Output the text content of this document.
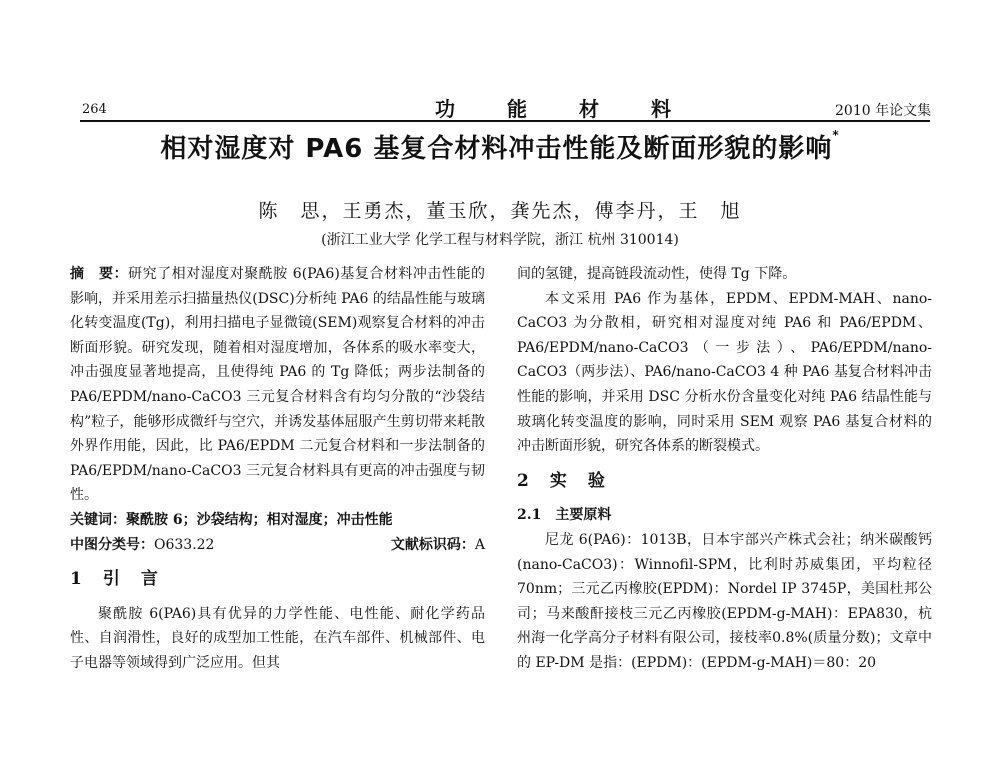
264	功能材料	2010 年论文集
相对湿度对 PA6 基复合材料冲击性能及断面形貌的影响*
陈　思，王勇杰，董玉欣，龚先杰，傅李丹，王　旭
(浙江工业大学 化学工程与材料学院，浙江 杭州 310014)

摘　要：研究了相对湿度对聚酰胺 6(PA6)基复合材料冲击性能的影响，并采用差示扫描量热仪(DSC)分析纯 PA6 的结晶性能与玻璃化转变温度(Tg)，利用扫描电子显微镜(SEM)观察复合材料的冲击断面形貌。研究发现，随着相对湿度增加，各体系的吸水率变大，冲击强度显著地提高，且使得纯 PA6 的 Tg 降低；两步法制备的 PA6/EPDM/nano-CaCO3 三元复合材料含有均匀分散的“沙袋结构”粒子，能够形成微纤与空穴，并诱发基体屈服产生剪切带来耗散外界作用能，因此，比 PA6/EPDM 二元复合材料和一步法制备的 PA6/EPDM/nano-CaCO3 三元复合材料具有更高的冲击强度与韧性。

关键词：聚酰胺 6；沙袋结构；相对湿度；冲击性能

中图分类号：O633.22	文献标识码：A
1　引　言

聚酰胺 6(PA6)具有优异的力学性能、电性能、耐化学药品性、自润滑性，良好的成型加工性能，在汽车部件、机械部件、电子电器等领域得到广泛应用。但其

间的氢键，提高链段流动性，使得 Tg 下降。

本文采用 PA6 作为基体，EPDM、EPDM-MAH、nano-CaCO3 为分散相，研究相对湿度对纯 PA6 和 PA6/EPDM、PA6/EPDM/nano-CaCO3（一步法）、PA6/EPDM/nano-CaCO3（两步法）、PA6/nano-CaCO3 4 种 PA6 基复合材料冲击性能的影响，并采用 DSC 分析水份含量变化对纯 PA6 结晶性能与玻璃化转变温度的影响，同时采用 SEM 观察 PA6 基复合材料的冲击断面形貌，研究各体系的断裂模式。

2　实　验
2.1　主要原料

尼龙 6(PA6)：1013B，日本宇部兴产株式会社；纳米碳酸钙(nano-CaCO3)：Winnofil-SPM，比利时苏威集团，平均粒径 70nm；三元乙丙橡胶(EPDM)：Nordel IP 3745P，美国杜邦公司；马来酸酐接枝三元乙丙橡胶(EPDM-g-MAH)：EPA830，杭州海一化学高分子材料有限公司，接枝率0.8%(质量分数)；文章中的 EP-DM 是指：(EPDM)：(EPDM-g-MAH)＝80：20
